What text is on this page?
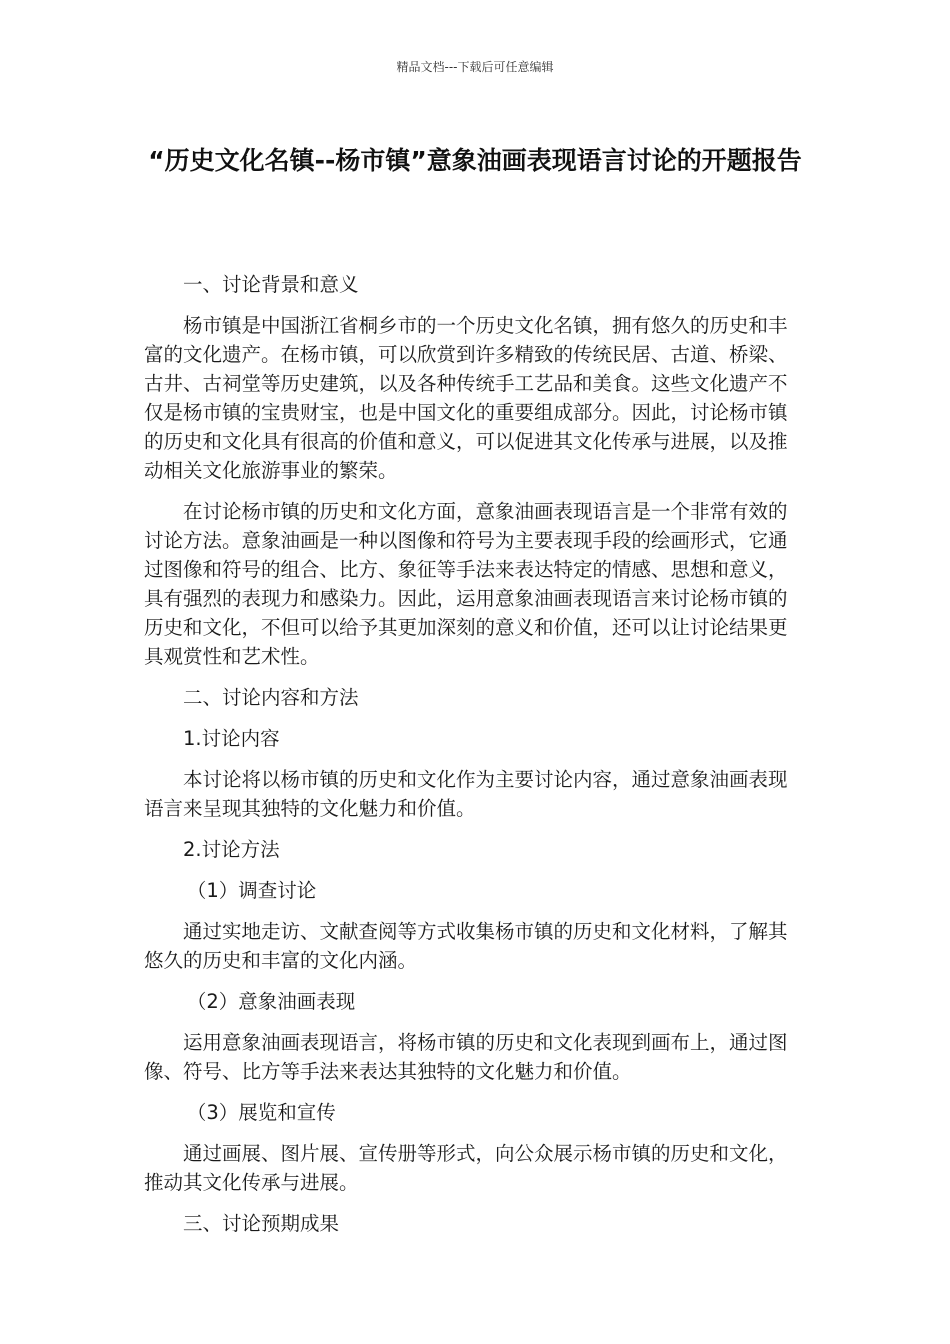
精品文档---下载后可任意编辑
“历史文化名镇--杨市镇”意象油画表现语言讨论的开题报告

一、讨论背景和意义

杨市镇是中国浙江省桐乡市的一个历史文化名镇，拥有悠久的历史和丰富的文化遗产。在杨市镇，可以欣赏到许多精致的传统民居、古道、桥梁、古井、古祠堂等历史建筑，以及各种传统手工艺品和美食。这些文化遗产不仅是杨市镇的宝贵财宝，也是中国文化的重要组成部分。因此，讨论杨市镇的历史和文化具有很高的价值和意义，可以促进其文化传承与进展，以及推动相关文化旅游事业的繁荣。

在讨论杨市镇的历史和文化方面，意象油画表现语言是一个非常有效的讨论方法。意象油画是一种以图像和符号为主要表现手段的绘画形式，它通过图像和符号的组合、比方、象征等手法来表达特定的情感、思想和意义，具有强烈的表现力和感染力。因此，运用意象油画表现语言来讨论杨市镇的历史和文化，不但可以给予其更加深刻的意义和价值，还可以让讨论结果更具观赏性和艺术性。

二、讨论内容和方法

1.讨论内容

本讨论将以杨市镇的历史和文化作为主要讨论内容，通过意象油画表现语言来呈现其独特的文化魅力和价值。

2.讨论方法

（1）调查讨论

通过实地走访、文献查阅等方式收集杨市镇的历史和文化材料，了解其悠久的历史和丰富的文化内涵。

（2）意象油画表现

运用意象油画表现语言，将杨市镇的历史和文化表现到画布上，通过图像、符号、比方等手法来表达其独特的文化魅力和价值。

（3）展览和宣传

通过画展、图片展、宣传册等形式，向公众展示杨市镇的历史和文化，推动其文化传承与进展。

三、讨论预期成果
